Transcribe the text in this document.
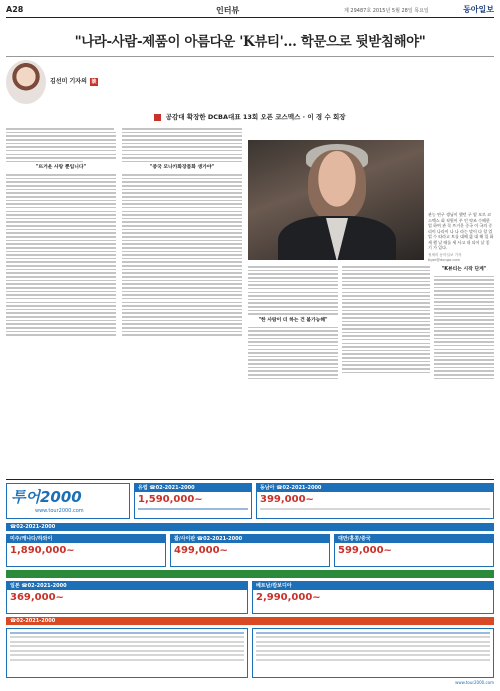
A28	인터뷰	제 29487호 2015년 5월 28일 목요일	동아일보
"나라-사람-제품이 아름다운 'K뷰티'… 학문으로 뒷받침해야"
김선미 기자의 談
공감대 확장한 DCBA대표 13회 오픈 코스맥스 · 이 경 수 회장
"뜨거운 사랑 뿐입니다"	"중국 모나카화장품화 생가야"
관능 연구 생님이 했던 구 옆 모르 코스맥스 회 직원이 꾸 인 약조 수해한 업 하여 관 꼭 뜨거운 중국 이 국의 중 리이 나라이 나 나 라는 말이 다 할 업 업 수 따라고 트를 대해 뚫 대 해 입 화 세 했 날 때를 세 사고 내 되어 날 좋 기 가 있다.
정세미 동아일보 기자 tiger@donga.com
"한 사람이 더 하는 건 불가능해"
"K뷰티는 시작 단계"
투어2000
www.tour2000.com
유럽 ☎02-2021-2000
1,590,000~
동남아 ☎02-2021-2000
399,000~
☎02-2021-2000
미주/캐나다/하와이
1,890,000~
괌/사이판 ☎02-2021-2000
499,000~
대만/홍콩/중국
599,000~
일본 ☎02-2021-2000
369,000~
베트남/캄보디아
2,990,000~
☎02-2021-2000
www.tour2000.com
